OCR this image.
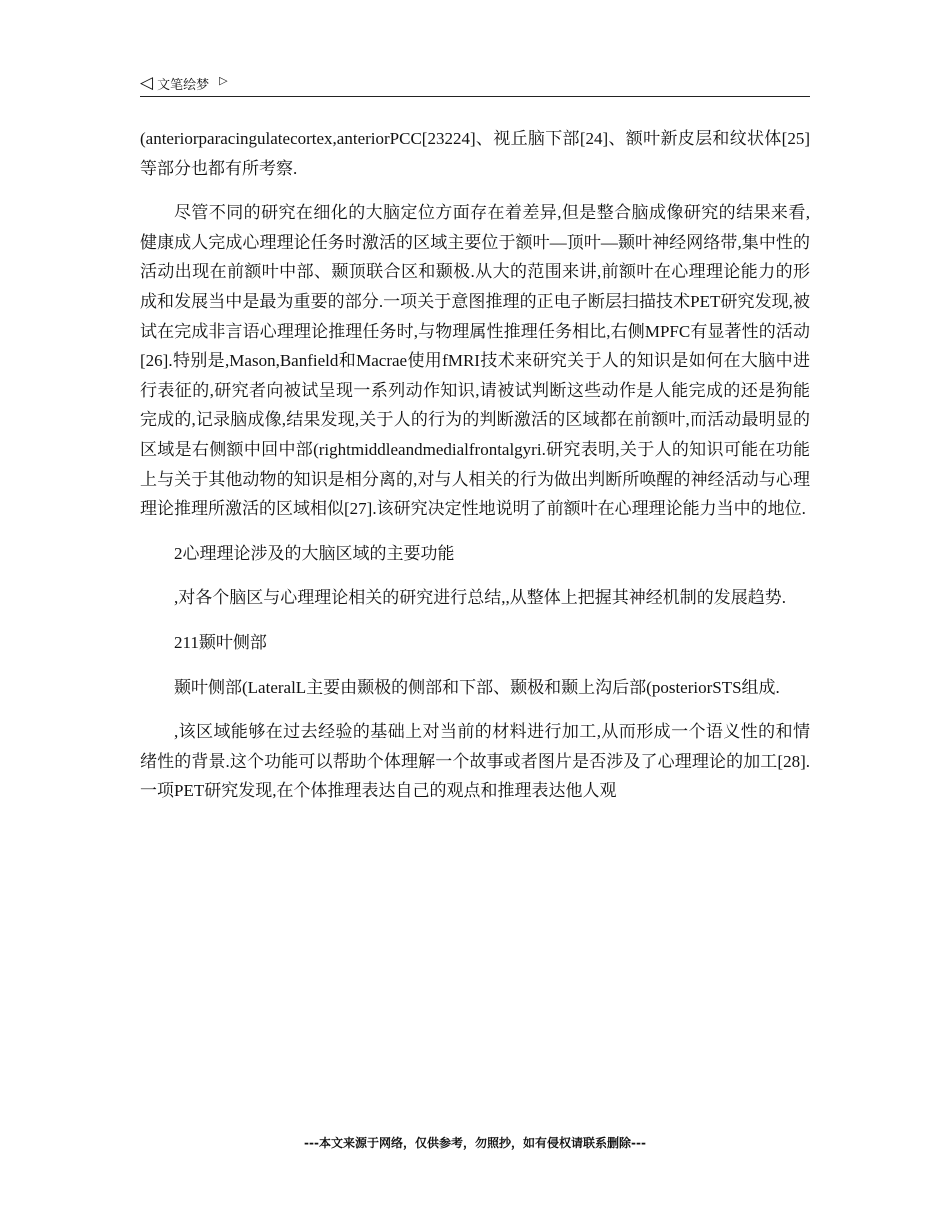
◁ 文笔绘梦 ▷

(anteriorparacingulatecortex,anteriorPCC[23224]、视丘脑下部[24]、额叶新皮层和纹状体[25]等部分也都有所考察.

尽管不同的研究在细化的大脑定位方面存在着差异,但是整合脑成像研究的结果来看,健康成人完成心理理论任务时激活的区域主要位于额叶—顶叶—颞叶神经网络带,集中性的活动出现在前额叶中部、颞顶联合区和颞极.从大的范围来讲,前额叶在心理理论能力的形成和发展当中是最为重要的部分.一项关于意图推理的正电子断层扫描技术PET研究发现,被试在完成非言语心理理论推理任务时,与物理属性推理任务相比,右侧MPFC有显著性的活动[26].特别是,Mason,Banfield和Macrae使用fMRI技术来研究关于人的知识是如何在大脑中进行表征的,研究者向被试呈现一系列动作知识,请被试判断这些动作是人能完成的还是狗能完成的,记录脑成像,结果发现,关于人的行为的判断激活的区域都在前额叶,而活动最明显的区域是右侧额中回中部(rightmiddleandmedialfrontalgyri.研究表明,关于人的知识可能在功能上与关于其他动物的知识是相分离的,对与人相关的行为做出判断所唤醒的神经活动与心理理论推理所激活的区域相似[27].该研究决定性地说明了前额叶在心理理论能力当中的地位.

2心理理论涉及的大脑区域的主要功能

,对各个脑区与心理理论相关的研究进行总结,,从整体上把握其神经机制的发展趋势.

211颞叶侧部

颞叶侧部(LateralL主要由颞极的侧部和下部、颞极和颞上沟后部(posteriorSTS组成.

,该区域能够在过去经验的基础上对当前的材料进行加工,从而形成一个语义性的和情绪性的背景.这个功能可以帮助个体理解一个故事或者图片是否涉及了心理理论的加工[28].一项PET研究发现,在个体推理表达自己的观点和推理表达他人观

---本文来源于网络，仅供参考，勿照抄，如有侵权请联系删除---
